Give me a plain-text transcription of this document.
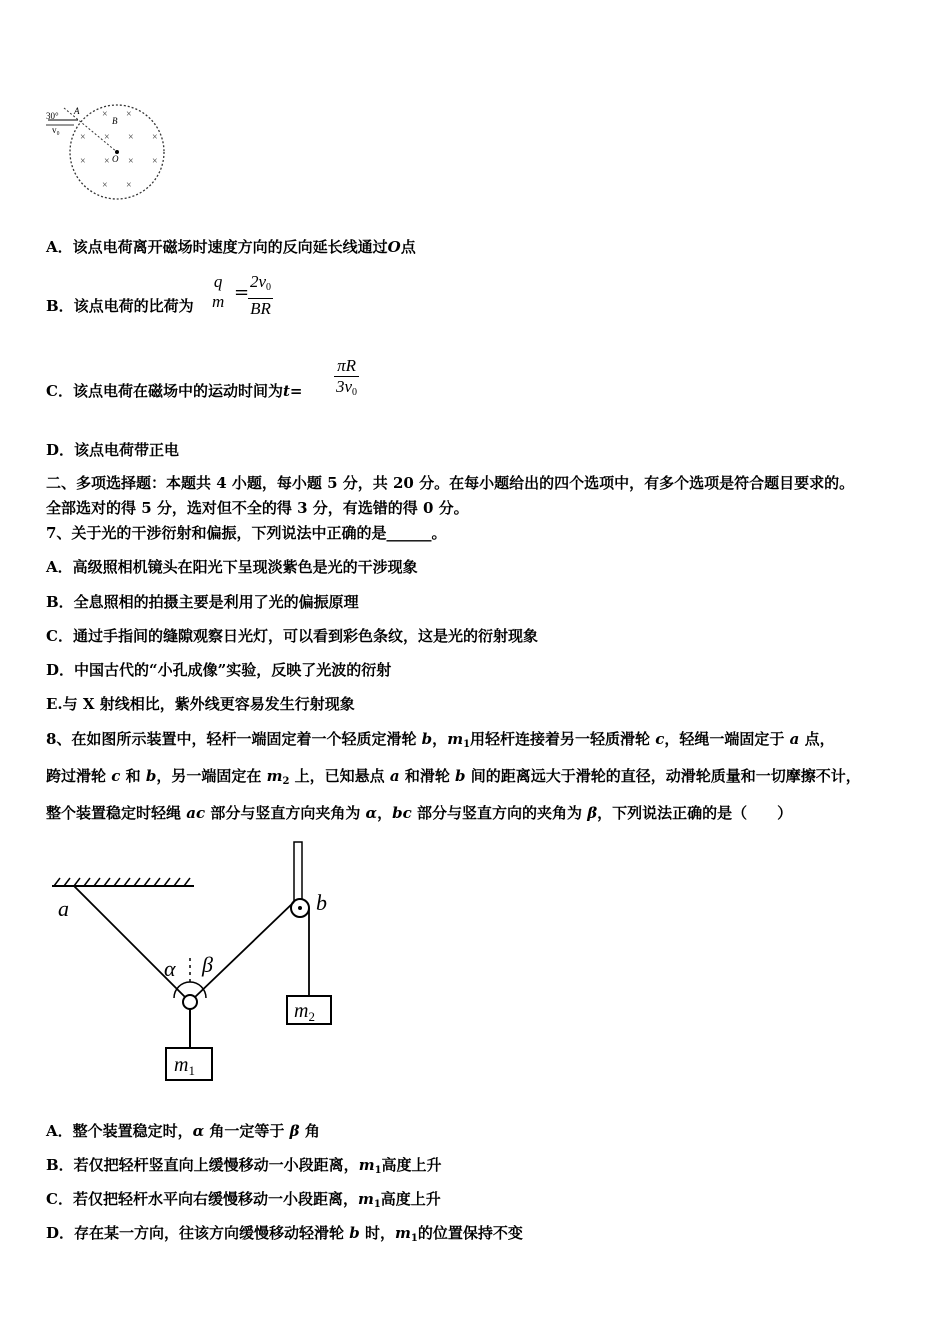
30°
v₀
A
B
O
× ×
× × × ×
× × × ×
× ×
A．该点电荷离开磁场时速度方向的反向延长线通过O点
B．该点电荷的比荷为
q
m =
$\frac{2v_0}{BR}$
C．该点电荷在磁场中的运动时间为$t= \frac{\pi R}{3v_0}$
D．该点电荷带正电
二、多项选择题：本题共 4 小题，每小题 5 分，共 20 分。在每小题给出的四个选项中，有多个选项是符合题目要求的。
全部选对的得 5 分，选对但不全的得 3 分，有选错的得 0 分。
7、关于光的干涉衍射和偏振，下列说法中正确的是______。
A．高级照相机镜头在阳光下呈现淡紫色是光的干涉现象
B．全息照相的拍摄主要是利用了光的偏振原理
C．通过手指间的缝隙观察日光灯，可以看到彩色条纹，这是光的衍射现象
D．中国古代的“小孔成像”实验，反映了光波的衍射
E.与 X 射线相比，紫外线更容易发生行射现象
8、在如图所示装置中，轻杆一端固定着一个轻质定滑轮 b，$m_1$用轻杆连接着另一轻质滑轮 c，轻绳一端固定于 a 点，
跨过滑轮 c 和 b，另一端固定在 $m_2$ 上，已知悬点 a 和滑轮 b 间的距离远大于滑轮的直径，动滑轮质量和一切摩擦不计，
整个装置稳定时轻绳 ac 部分与竖直方向夹角为 α，bc 部分与竖直方向的夹角为 β，下列说法正确的是（　　）
a	b
α β
$m_1$
$m_2$
A．整个装置稳定时，α 角一定等于 β 角
B．若仅把轻杆竖直向上缓慢移动一小段距离，$m_1$高度上升
C．若仅把轻杆水平向右缓慢移动一小段距离，$m_1$高度上升
D．存在某一方向，往该方向缓慢移动轻滑轮 b 时，$m_1$的位置保持不变
